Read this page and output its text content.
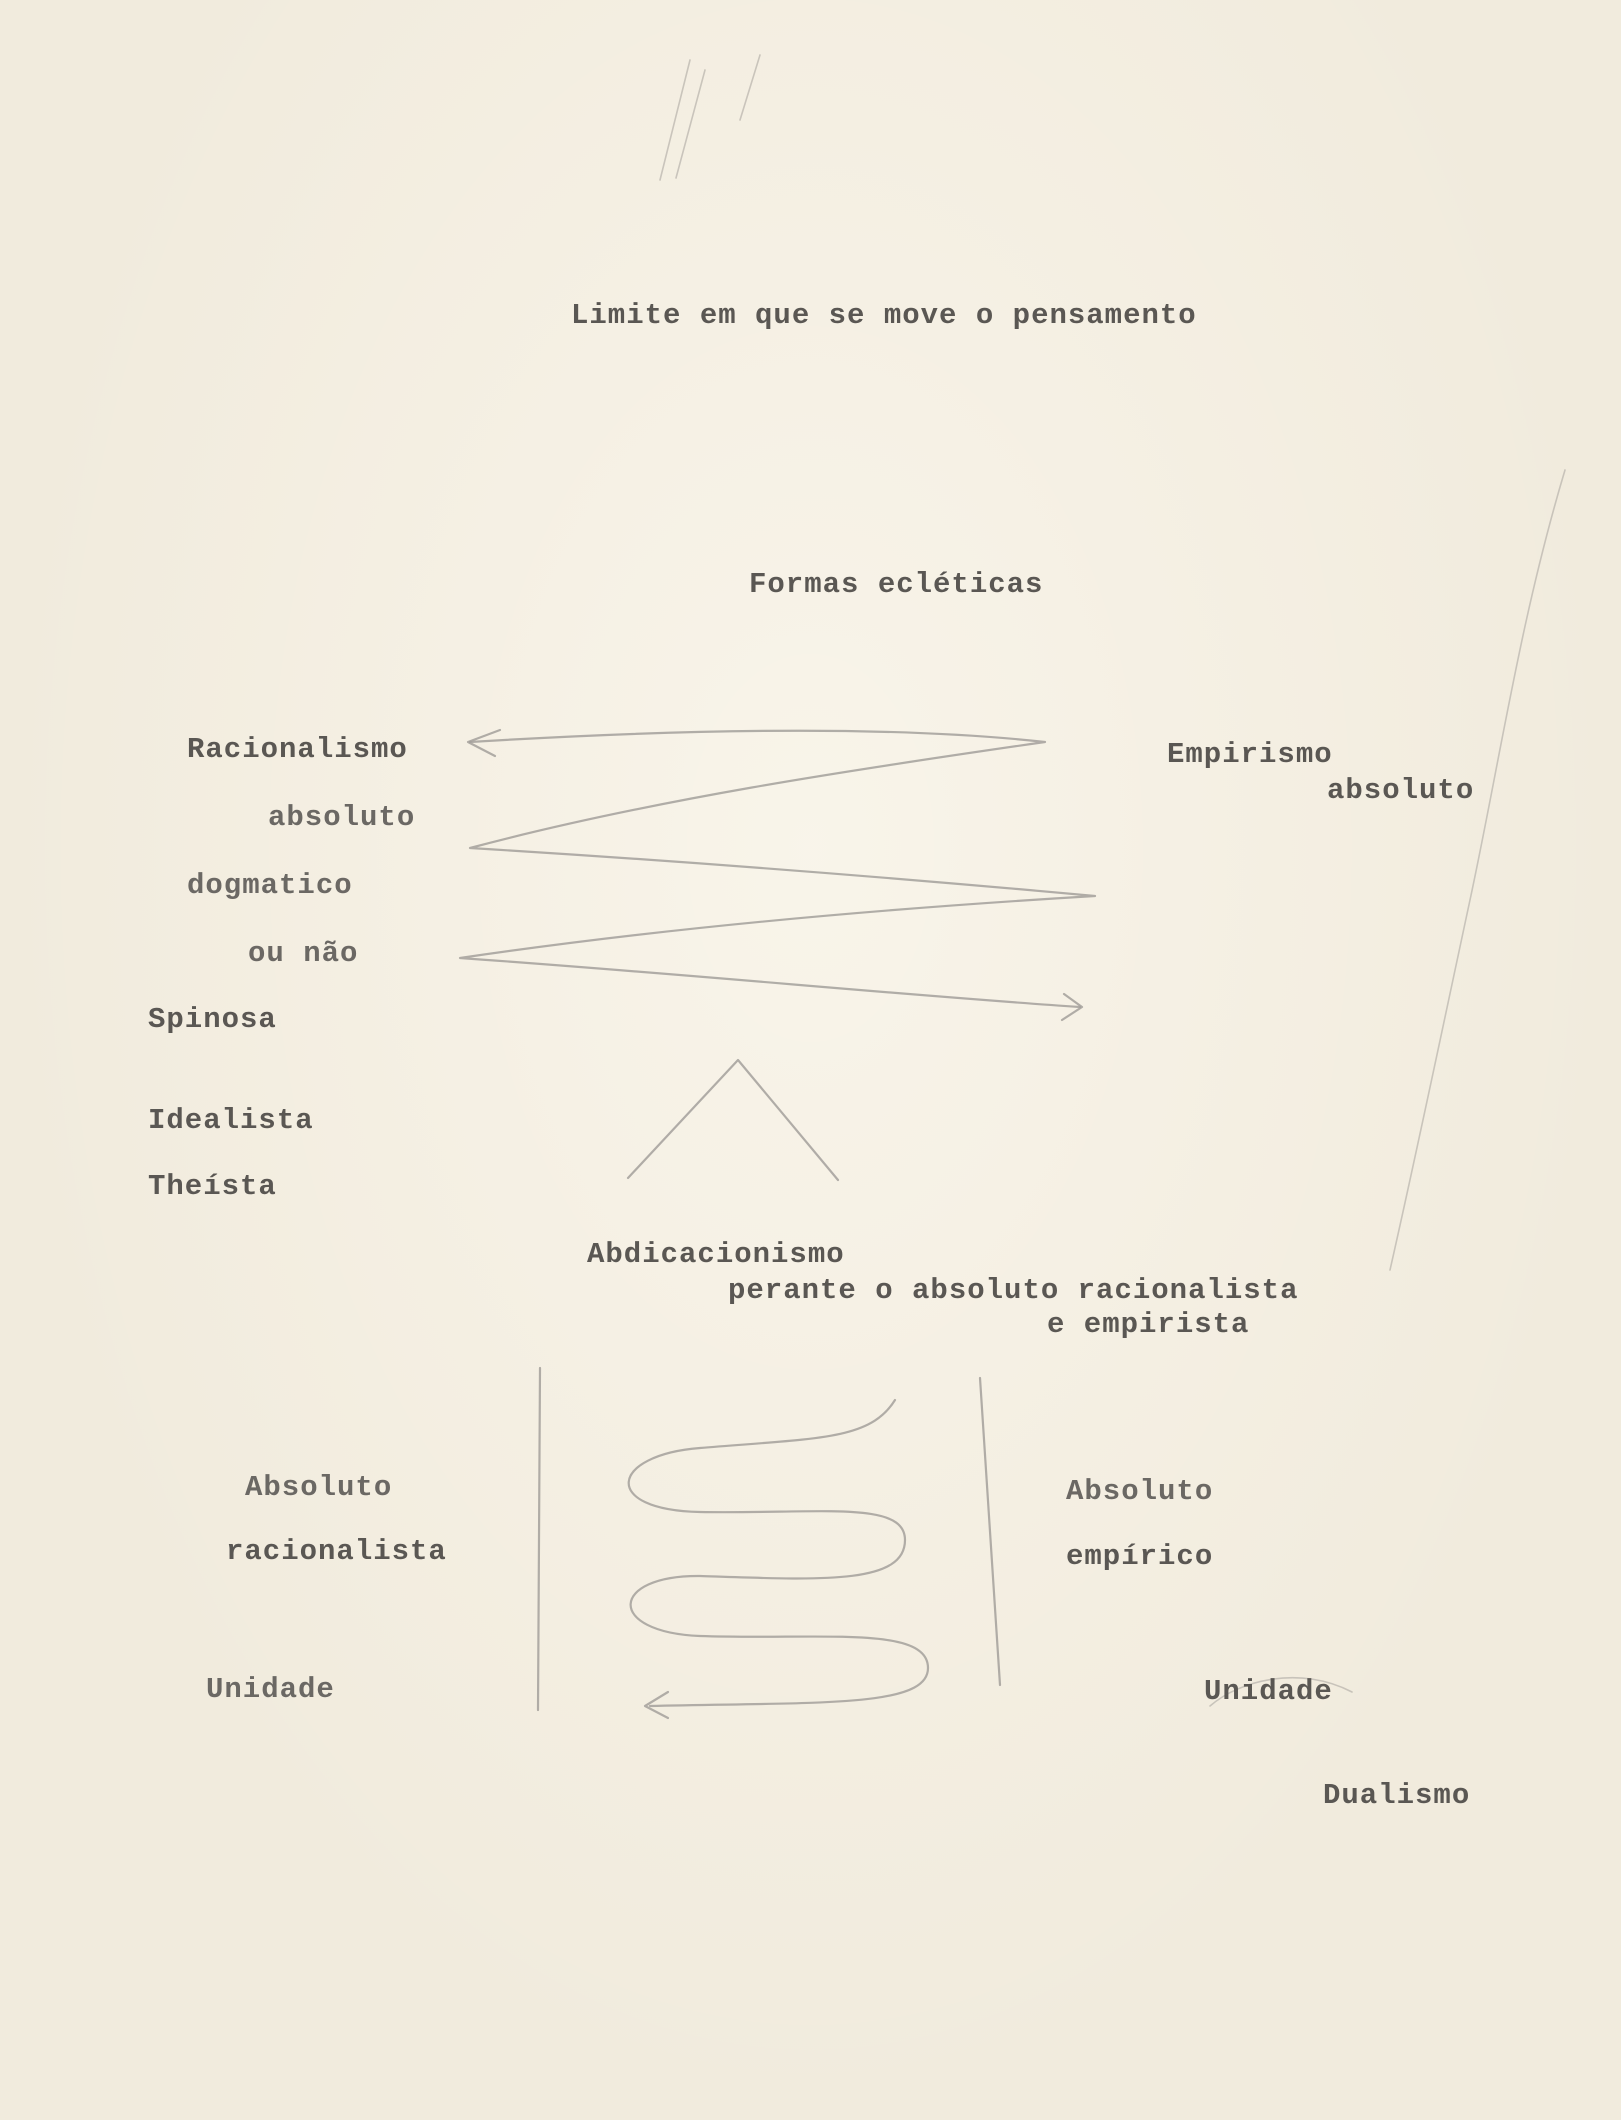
Limite em que se move o pensamento
Formas ecléticas
Racionalismo
absoluto
dogmatico
ou não
Spinosa
Idealista
Theísta
Empirismo
absoluto
Abdicacionismo
perante o absoluto racionalista
e empirista
Absoluto
racionalista
Unidade
Absoluto
empírico
Unidade
Dualismo
